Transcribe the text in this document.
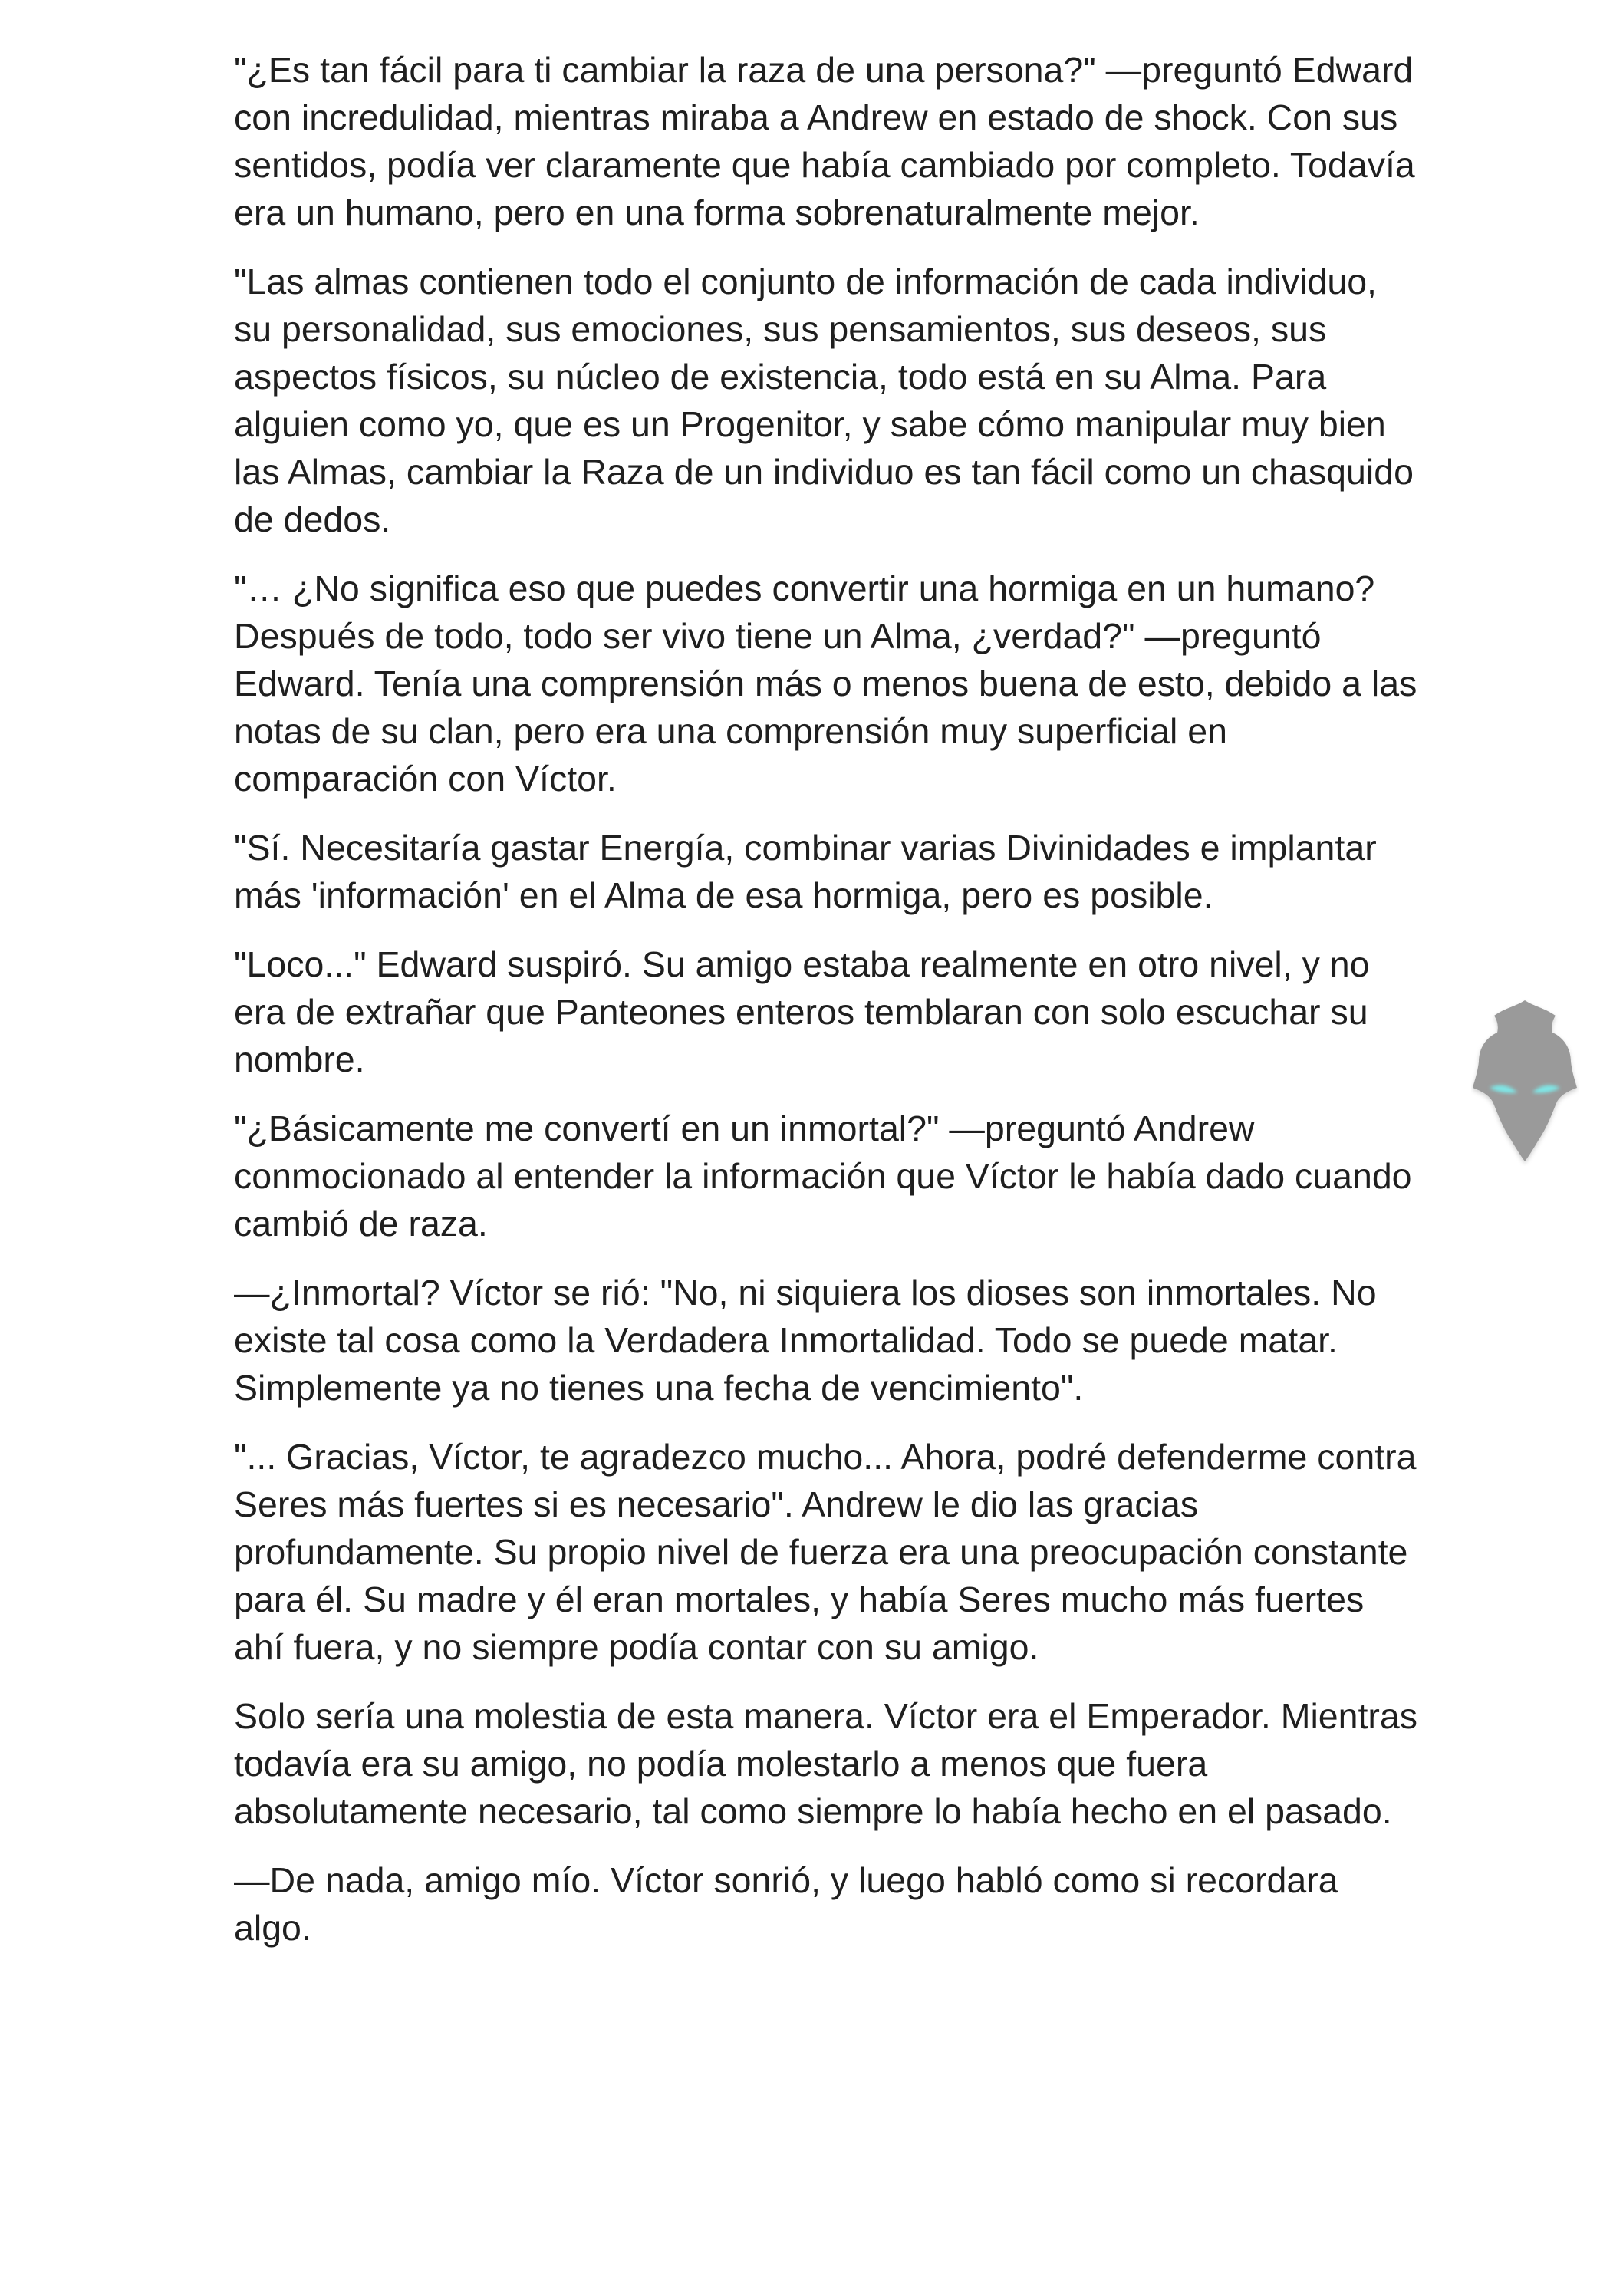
"¿Es tan fácil para ti cambiar la raza de una persona?" —preguntó Edward con incredulidad, mientras miraba a Andrew en estado de shock. Con sus sentidos, podía ver claramente que había cambiado por completo. Todavía era un humano, pero en una forma sobrenaturalmente mejor.

"Las almas contienen todo el conjunto de información de cada individuo, su personalidad, sus emociones, sus pensamientos, sus deseos, sus aspectos físicos, su núcleo de existencia, todo está en su Alma. Para alguien como yo, que es un Progenitor, y sabe cómo manipular muy bien las Almas, cambiar la Raza de un individuo es tan fácil como un chasquido de dedos.

"… ¿No significa eso que puedes convertir una hormiga en un humano? Después de todo, todo ser vivo tiene un Alma, ¿verdad?" —preguntó Edward. Tenía una comprensión más o menos buena de esto, debido a las notas de su clan, pero era una comprensión muy superficial en comparación con Víctor.

"Sí. Necesitaría gastar Energía, combinar varias Divinidades e implantar más 'información' en el Alma de esa hormiga, pero es posible.

"Loco..." Edward suspiró. Su amigo estaba realmente en otro nivel, y no era de extrañar que Panteones enteros temblaran con solo escuchar su nombre.

"¿Básicamente me convertí en un inmortal?" —preguntó Andrew conmocionado al entender la información que Víctor le había dado cuando cambió de raza.

—¿Inmortal? Víctor se rió: "No, ni siquiera los dioses son inmortales. No existe tal cosa como la Verdadera Inmortalidad. Todo se puede matar. Simplemente ya no tienes una fecha de vencimiento".

"... Gracias, Víctor, te agradezco mucho... Ahora, podré defenderme contra Seres más fuertes si es necesario". Andrew le dio las gracias profundamente. Su propio nivel de fuerza era una preocupación constante para él. Su madre y él eran mortales, y había Seres mucho más fuertes ahí fuera, y no siempre podía contar con su amigo.

Solo sería una molestia de esta manera. Víctor era el Emperador. Mientras todavía era su amigo, no podía molestarlo a menos que fuera absolutamente necesario, tal como siempre lo había hecho en el pasado.

—De nada, amigo mío. Víctor sonrió, y luego habló como si recordara algo.
